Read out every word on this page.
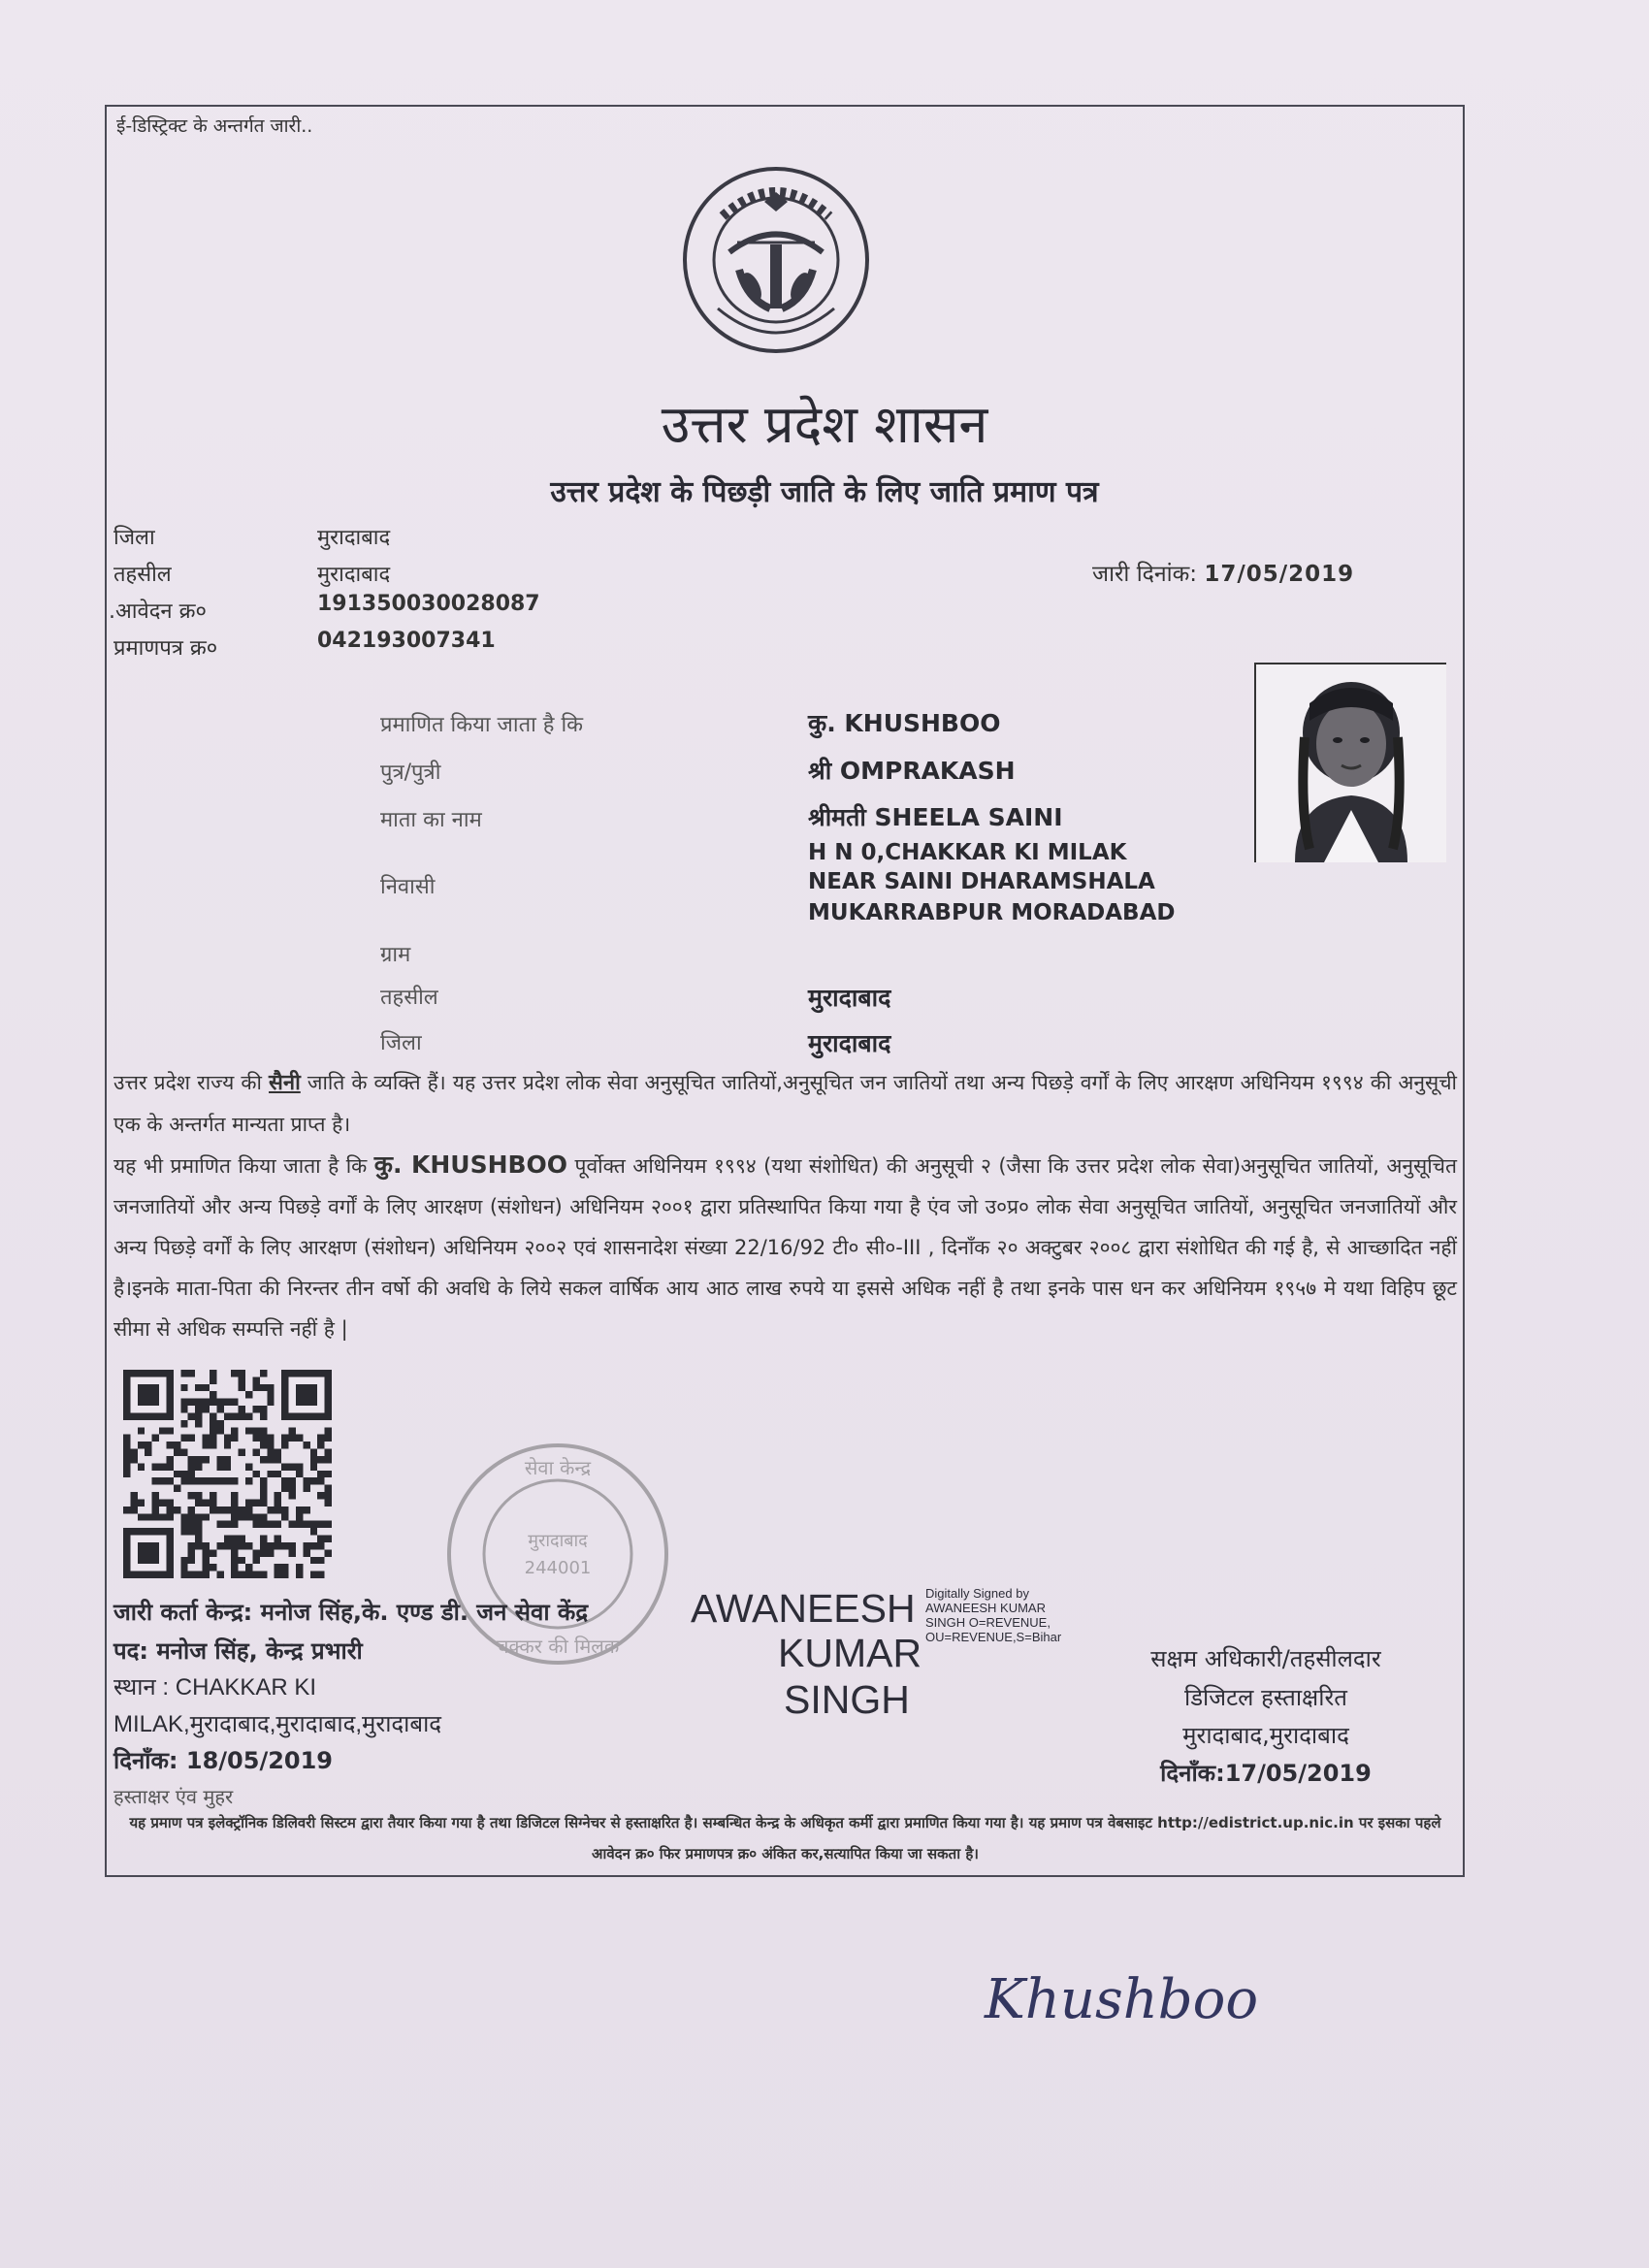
ई-डिस्ट्रिक्ट के अन्तर्गत जारी..
उत्तर प्रदेश शासन
उत्तर प्रदेश के पिछड़ी जाति के लिए जाति प्रमाण पत्र
जिला	मुरादाबाद
तहसील	मुरादाबाद
.आवेदन क्र०	191350030028087
प्रमाणपत्र क्र०	042193007341
जारी दिनांक: 17/05/2019
प्रमाणित किया जाता है कि	कु. KHUSHBOO
पुत्र/पुत्री	श्री OMPRAKASH
माता का नाम	श्रीमती SHEELA SAINI
निवासी
H N 0,CHAKKAR KI MILAK
NEAR SAINI DHARAMSHALA
MUKARRABPUR MORADABAD
ग्राम
तहसील	मुरादाबाद
जिला	मुरादाबाद
उत्तर प्रदेश राज्य की सैनी जाति के व्यक्ति हैं। यह उत्तर प्रदेश लोक सेवा अनुसूचित जातियों,अनुसूचित जन जातियों तथा अन्य पिछड़े वर्गों के लिए आरक्षण अधिनियम १९९४ की अनुसूची एक के अन्तर्गत मान्यता प्राप्त है।
यह भी प्रमाणित किया जाता है कि कु. KHUSHBOO पूर्वोक्त अधिनियम १९९४ (यथा संशोधित) की अनुसूची २ (जैसा कि उत्तर प्रदेश लोक सेवा)अनुसूचित जातियों, अनुसूचित जनजातियों और अन्य पिछड़े वर्गों के लिए आरक्षण (संशोधन) अधिनियम २००१ द्वारा प्रतिस्थापित किया गया है एंव जो उ०प्र० लोक सेवा अनुसूचित जातियों, अनुसूचित जनजातियों और अन्य पिछड़े वर्गों के लिए आरक्षण (संशोधन) अधिनियम २००२ एवं शासनादेश संख्या 22/16/92 टी० सी०-III , दिनाँक २० अक्टुबर २००८ द्वारा संशोधित की गई है, से आच्छादित नहीं है।इनके माता-पिता की निरन्तर तीन वर्षो की अवधि के लिये सकल वार्षिक आय आठ लाख रुपये या इससे अधिक नहीं है तथा इनके पास धन कर अधिनियम १९५७ मे यथा विहिप छूट सीमा से अधिक सम्पत्ति नहीं है |
सेवा केन्द्र
मुरादाबाद
244001
चक्कर की मिलक
जारी कर्ता केन्द्र: मनोज सिंह,के. एण्ड डी. जन सेवा केंद्र
पद: मनोज सिंह, केन्द्र प्रभारी
स्थान : CHAKKAR KI
MILAK,मुरादाबाद,मुरादाबाद,मुरादाबाद
दिनाँक: 18/05/2019
हस्ताक्षर एंव मुहर
AWANEESH
KUMAR
SINGH
Digitally Signed by
AWANEESH KUMAR
SINGH O=REVENUE,
OU=REVENUE,S=Bihar
सक्षम अधिकारी/तहसीलदार
डिजिटल हस्ताक्षरित
मुरादाबाद,मुरादाबाद
दिनाँक:17/05/2019
यह प्रमाण पत्र इलेक्ट्रॉनिक डिलिवरी सिस्टम द्वारा तैयार किया गया है तथा डिजिटल सिग्नेचर से हस्ताक्षरित है। सम्बन्धित केन्द्र के अधिकृत कर्मी द्वारा प्रमाणित किया गया है। यह प्रमाण पत्र वेबसाइट http://edistrict.up.nic.in पर इसका पहले आवेदन क्र० फिर प्रमाणपत्र क्र० अंकित कर,सत्यापित किया जा सकता है।
Khushboo
